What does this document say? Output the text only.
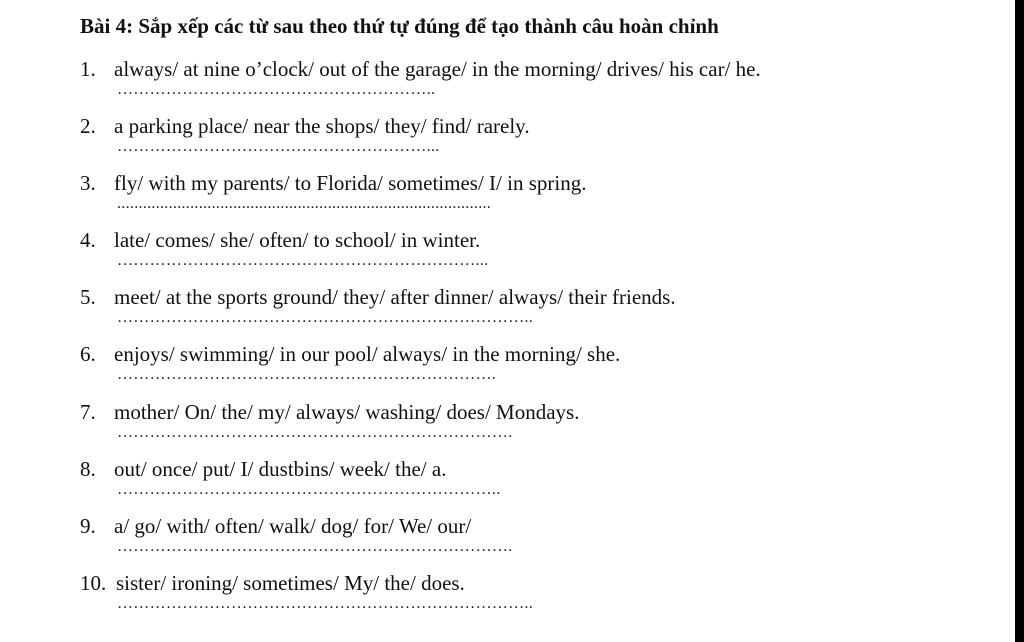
Bài 4: Sắp xếp các từ sau theo thứ tự đúng để tạo thành câu hoàn chỉnh
1. always/ at nine o’clock/ out of the garage/ in the morning/ drives/ his car/ he.
…………………………………………………..
2. a parking place/ near the shops/ they/ find/ rarely.
…………………………………………………...
3. fly/ with my parents/ to Florida/ sometimes/ I/ in spring.
.......................................................................................
4. late/ comes/ she/ often/ to school/ in winter.
…………………………………………………………...
5. meet/ at the sports ground/ they/ after dinner/ always/ their friends.
…………………………………………………………………..
6. enjoys/ swimming/ in our pool/ always/ in the morning/ she.
…………………………………………………………….
7. mother/ On/ the/ my/ always/ washing/ does/ Mondays.
……………………………………………………………….
8. out/ once/ put/ I/ dustbins/ week/ the/ a.
……………………………………………………………..
9. a/ go/ with/ often/ walk/ dog/ for/ We/ our/
……………………………………………………………….
10. sister/ ironing/ sometimes/ My/ the/ does.
…………………………………………………………………..
